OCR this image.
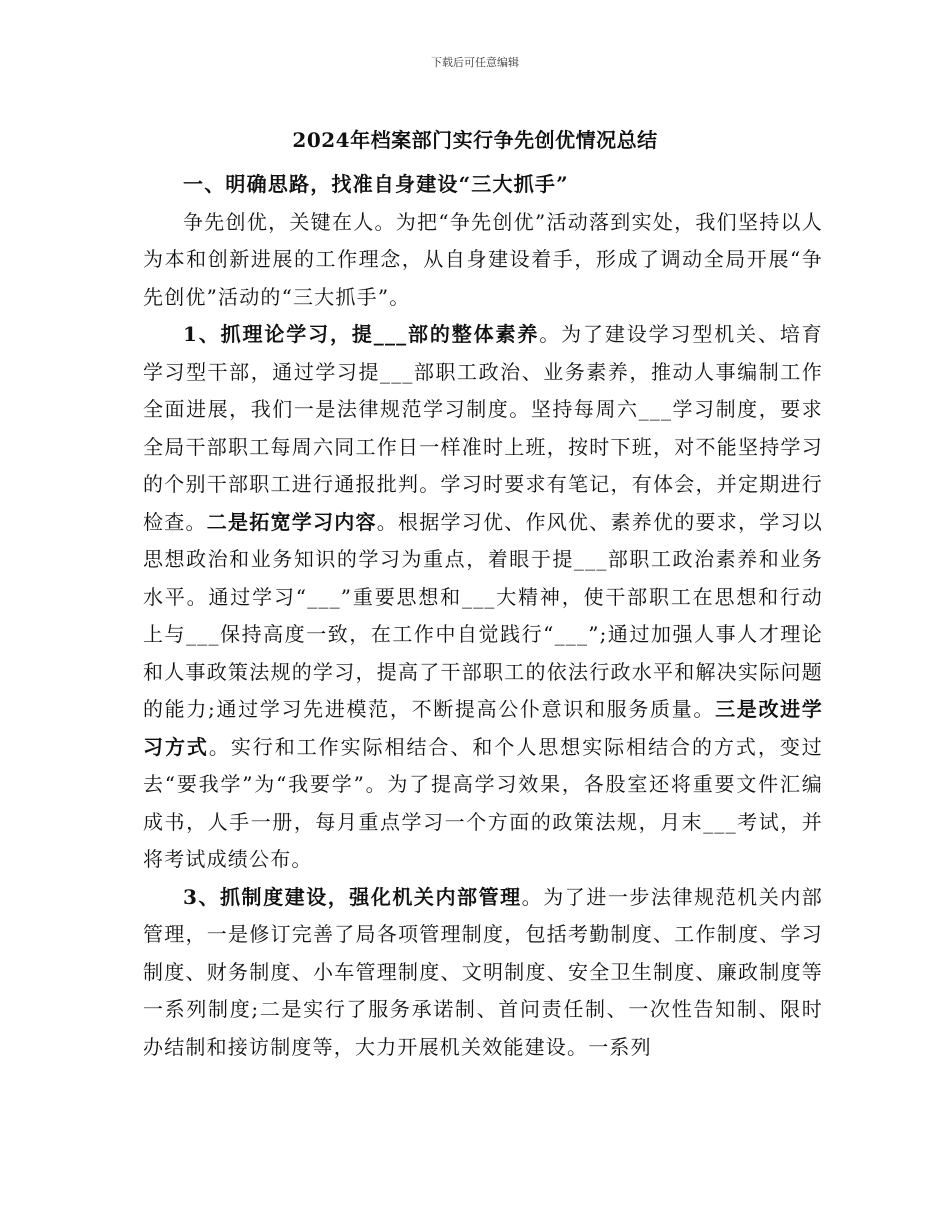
下载后可任意编辑
2024年档案部门实行争先创优情况总结

一、明确思路，找准自身建设“三大抓手”

争先创优，关键在人。为把“争先创优”活动落到实处，我们坚持以人为本和创新进展的工作理念，从自身建设着手，形成了调动全局开展“争先创优”活动的“三大抓手”。

1、抓理论学习，提___部的整体素养。为了建设学习型机关、培育学习型干部，通过学习提___部职工政治、业务素养，推动人事编制工作全面进展，我们一是法律规范学习制度。坚持每周六___学习制度，要求全局干部职工每周六同工作日一样准时上班，按时下班，对不能坚持学习的个别干部职工进行通报批判。学习时要求有笔记，有体会，并定期进行检查。二是拓宽学习内容。根据学习优、作风优、素养优的要求，学习以思想政治和业务知识的学习为重点，着眼于提___部职工政治素养和业务水平。通过学习“___”重要思想和___大精神，使干部职工在思想和行动上与___保持高度一致，在工作中自觉践行“___”;通过加强人事人才理论和人事政策法规的学习，提高了干部职工的依法行政水平和解决实际问题的能力;通过学习先进模范，不断提高公仆意识和服务质量。三是改进学习方式。实行和工作实际相结合、和个人思想实际相结合的方式，变过去“要我学”为“我要学”。为了提高学习效果，各股室还将重要文件汇编成书，人手一册，每月重点学习一个方面的政策法规，月末___考试，并将考试成绩公布。

3、抓制度建设，强化机关内部管理。为了进一步法律规范机关内部管理，一是修订完善了局各项管理制度，包括考勤制度、工作制度、学习制度、财务制度、小车管理制度、文明制度、安全卫生制度、廉政制度等一系列制度;二是实行了服务承诺制、首问责任制、一次性告知制、限时办结制和接访制度等，大力开展机关效能建设。一系列
